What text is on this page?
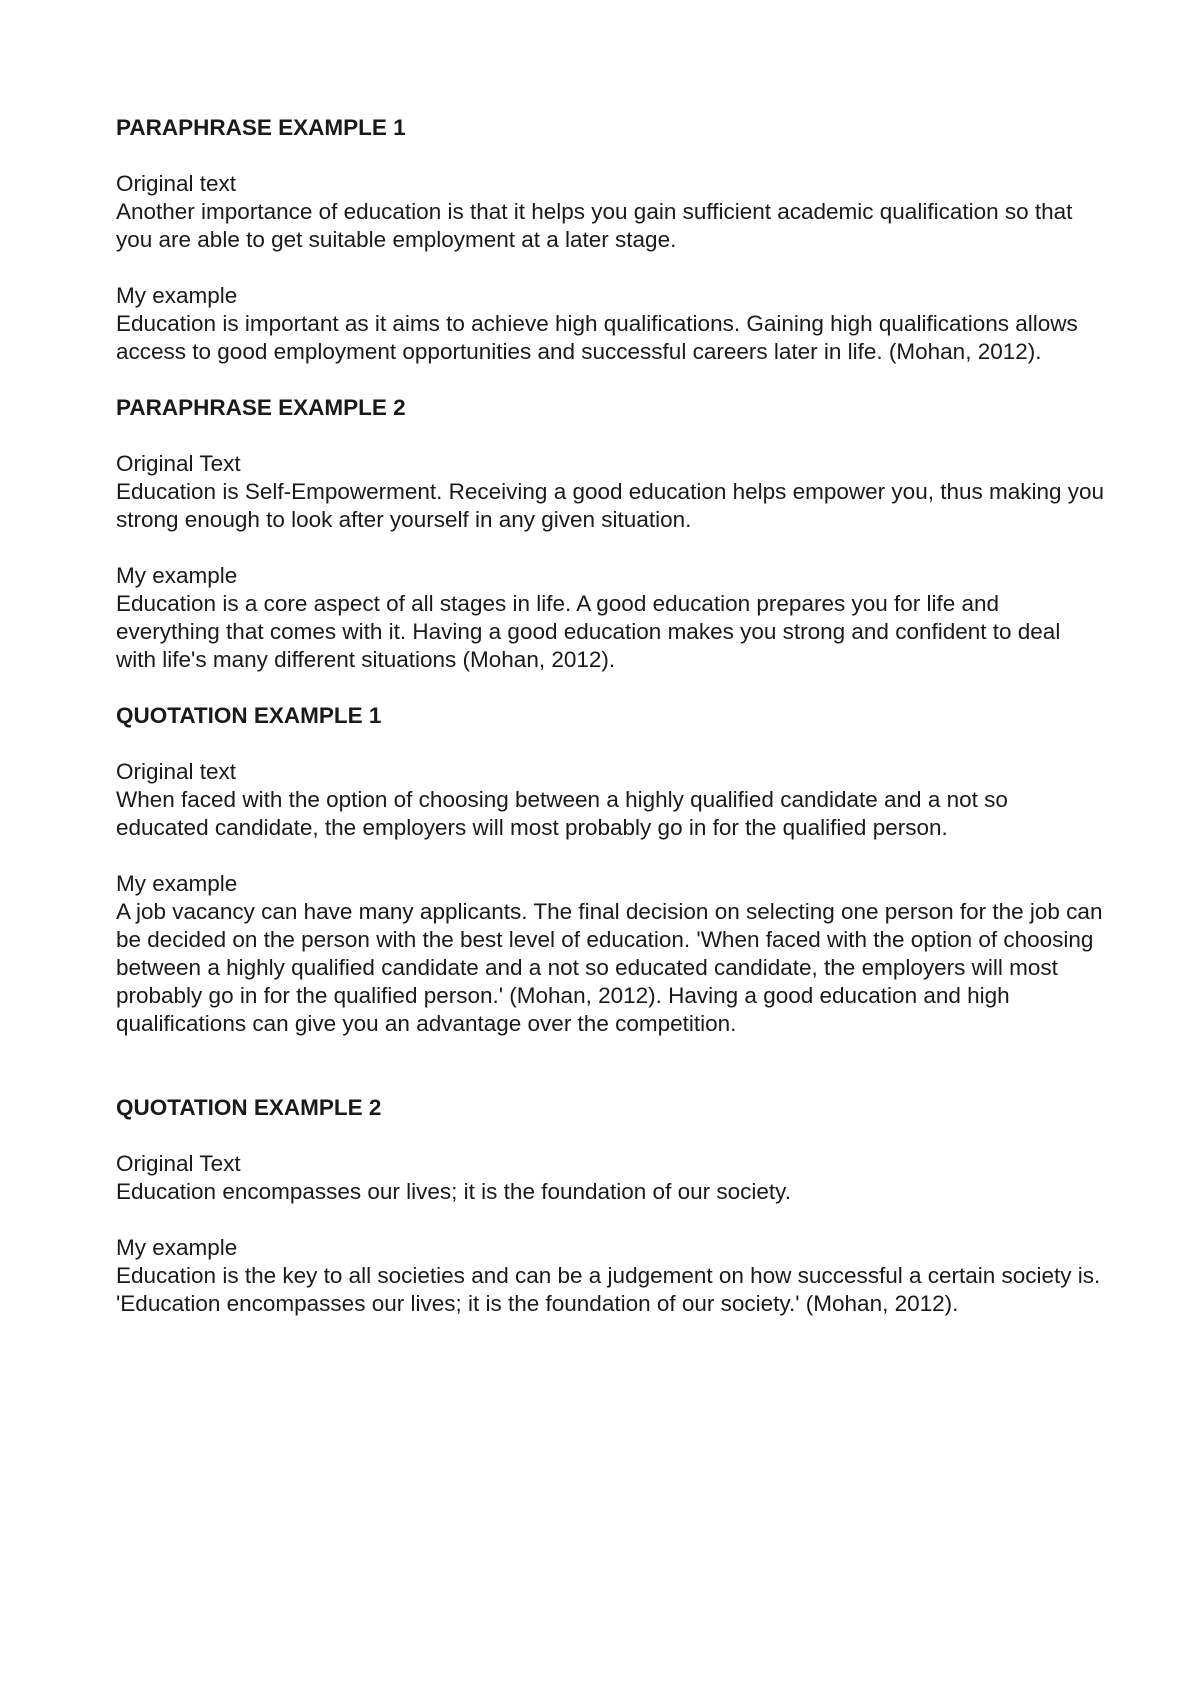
PARAPHRASE EXAMPLE 1

Original text

Another importance of education is that it helps you gain sufficient academic qualification so that you are able to get suitable employment at a later stage.

My example

Education is important as it aims to achieve high qualifications. Gaining high qualifications allows access to good employment opportunities and successful careers later in life. (Mohan, 2012).

PARAPHRASE EXAMPLE 2

Original Text

Education is Self-Empowerment. Receiving a good education helps empower you, thus making you strong enough to look after yourself in any given situation.

My example

Education is a core aspect of all stages in life. A good education prepares you for life and everything that comes with it. Having a good education makes you strong and confident to deal with life's many different situations (Mohan, 2012).

QUOTATION EXAMPLE 1

Original text

When faced with the option of choosing between a highly qualified candidate and a not so educated candidate, the employers will most probably go in for the qualified person.

My example

A job vacancy can have many applicants. The final decision on selecting one person for the job can be decided on the person with the best level of education. 'When faced with the option of choosing between a highly qualified candidate and a not so educated candidate, the employers will most probably go in for the qualified person.' (Mohan, 2012). Having a good education and high qualifications can give you an advantage over the competition.

QUOTATION EXAMPLE 2

Original Text

Education encompasses our lives; it is the foundation of our society.

My example

Education is the key to all societies and can be a judgement on how successful a certain society is. 'Education encompasses our lives; it is the foundation of our society.' (Mohan, 2012).
